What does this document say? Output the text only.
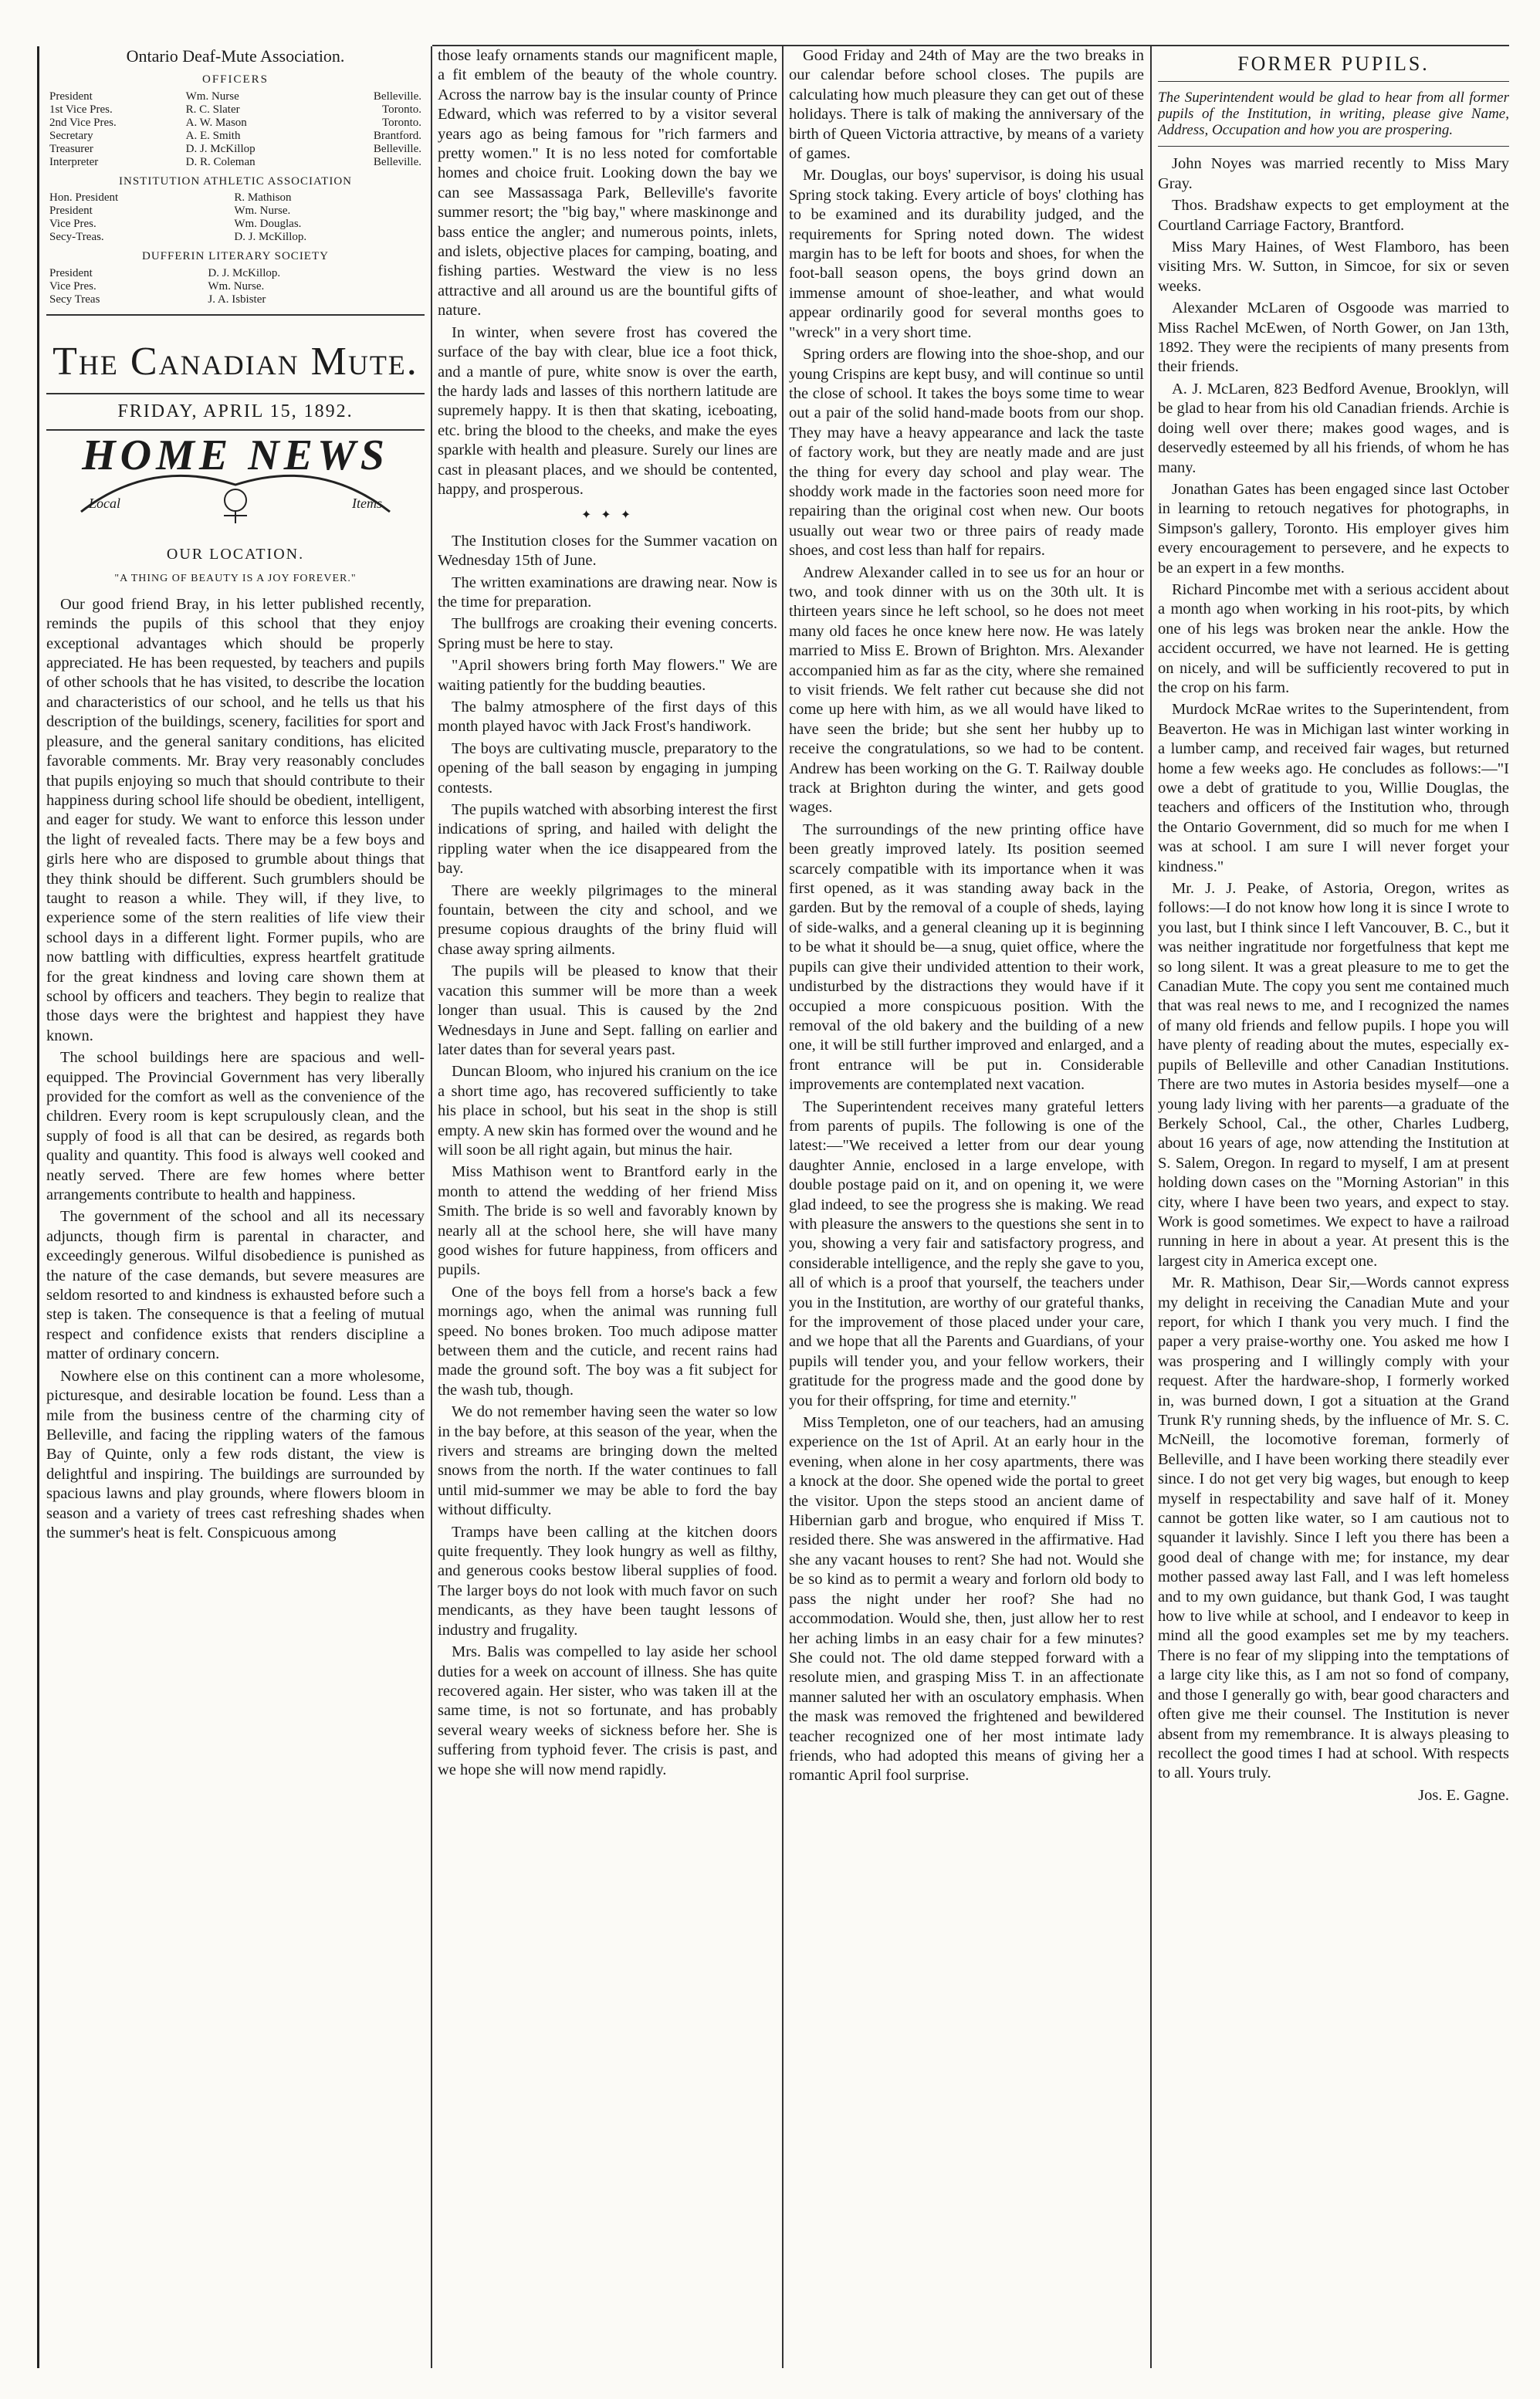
Ontario Deaf-Mute Association.
OFFICERS
President	Wm. Nurse	Belleville.
1st Vice Pres.	R. C. Slater	Toronto.
2nd Vice Pres.	A. W. Mason	Toronto.
Secretary	A. E. Smith	Brantford.
Treasurer	D. J. McKillop	Belleville.
Interpreter	D. R. Coleman	Belleville.
INSTITUTION ATHLETIC ASSOCIATION
Hon. President	R. Mathison
President	Wm. Nurse.
Vice Pres.	Wm. Douglas.
Secy-Treas.	D. J. McKillop.
DUFFERIN LITERARY SOCIETY
President	D. J. McKillop.
Vice Pres.	Wm. Nurse.
Secy Treas	J. A. Isbister
The Canadian Mute.
FRIDAY, APRIL 15, 1892.
HOME NEWS
Local	Items
OUR LOCATION.
"A THING OF BEAUTY IS A JOY FOREVER."

Our good friend Bray, in his letter published recently, reminds the pupils of this school that they enjoy exceptional advantages which should be properly appreciated. He has been requested, by teachers and pupils of other schools that he has visited, to describe the location and characteristics of our school, and he tells us that his description of the buildings, scenery, facilities for sport and pleasure, and the general sanitary conditions, has elicited favorable comments. Mr. Bray very reasonably concludes that pupils enjoying so much that should contribute to their happiness during school life should be obedient, intelligent, and eager for study. We want to enforce this lesson under the light of revealed facts. There may be a few boys and girls here who are disposed to grumble about things that they think should be different. Such grumblers should be taught to reason a while. They will, if they live, to experience some of the stern realities of life view their school days in a different light. Former pupils, who are now battling with difficulties, express heartfelt gratitude for the great kindness and loving care shown them at school by officers and teachers. They begin to realize that those days were the brightest and happiest they have known.

The school buildings here are spacious and well-equipped. The Provincial Government has very liberally provided for the comfort as well as the convenience of the children. Every room is kept scrupulously clean, and the supply of food is all that can be desired, as regards both quality and quantity. This food is always well cooked and neatly served. There are few homes where better arrangements contribute to health and happiness.

The government of the school and all its necessary adjuncts, though firm is parental in character, and exceedingly generous. Wilful disobedience is punished as the nature of the case demands, but severe measures are seldom resorted to and kindness is exhausted before such a step is taken. The consequence is that a feeling of mutual respect and confidence exists that renders discipline a matter of ordinary concern.

Nowhere else on this continent can a more wholesome, picturesque, and desirable location be found. Less than a mile from the business centre of the charming city of Belleville, and facing the rippling waters of the famous Bay of Quinte, only a few rods distant, the view is delightful and inspiring. The buildings are surrounded by spacious lawns and play grounds, where flowers bloom in season and a variety of trees cast refreshing shades when the summer's heat is felt. Conspicuous among

those leafy ornaments stands our magnificent maple, a fit emblem of the beauty of the whole country. Across the narrow bay is the insular county of Prince Edward, which was referred to by a visitor several years ago as being famous for "rich farmers and pretty women." It is no less noted for comfortable homes and choice fruit. Looking down the bay we can see Massassaga Park, Belleville's favorite summer resort; the "big bay," where maskinonge and bass entice the angler; and numerous points, inlets, and islets, objective places for camping, boating, and fishing parties. Westward the view is no less attractive and all around us are the bountiful gifts of nature.

In winter, when severe frost has covered the surface of the bay with clear, blue ice a foot thick, and a mantle of pure, white snow is over the earth, the hardy lads and lasses of this northern latitude are supremely happy. It is then that skating, iceboating, etc. bring the blood to the cheeks, and make the eyes sparkle with health and pleasure. Surely our lines are cast in pleasant places, and we should be contented, happy, and prosperous.

✦ ✦ ✦

The Institution closes for the Summer vacation on Wednesday 15th of June.

The written examinations are drawing near. Now is the time for preparation.

The bullfrogs are croaking their evening concerts. Spring must be here to stay.

"April showers bring forth May flowers." We are waiting patiently for the budding beauties.

The balmy atmosphere of the first days of this month played havoc with Jack Frost's handiwork.

The boys are cultivating muscle, preparatory to the opening of the ball season by engaging in jumping contests.

The pupils watched with absorbing interest the first indications of spring, and hailed with delight the rippling water when the ice disappeared from the bay.

There are weekly pilgrimages to the mineral fountain, between the city and school, and we presume copious draughts of the briny fluid will chase away spring ailments.

The pupils will be pleased to know that their vacation this summer will be more than a week longer than usual. This is caused by the 2nd Wednesdays in June and Sept. falling on earlier and later dates than for several years past.

Duncan Bloom, who injured his cranium on the ice a short time ago, has recovered sufficiently to take his place in school, but his seat in the shop is still empty. A new skin has formed over the wound and he will soon be all right again, but minus the hair.

Miss Mathison went to Brantford early in the month to attend the wedding of her friend Miss Smith. The bride is so well and favorably known by nearly all at the school here, she will have many good wishes for future happiness, from officers and pupils.

One of the boys fell from a horse's back a few mornings ago, when the animal was running full speed. No bones broken. Too much adipose matter between them and the cuticle, and recent rains had made the ground soft. The boy was a fit subject for the wash tub, though.

We do not remember having seen the water so low in the bay before, at this season of the year, when the rivers and streams are bringing down the melted snows from the north. If the water continues to fall until mid-summer we may be able to ford the bay without difficulty.

Tramps have been calling at the kitchen doors quite frequently. They look hungry as well as filthy, and generous cooks bestow liberal supplies of food. The larger boys do not look with much favor on such mendicants, as they have been taught lessons of industry and frugality.

Mrs. Balis was compelled to lay aside her school duties for a week on account of illness. She has quite recovered again. Her sister, who was taken ill at the same time, is not so fortunate, and has probably several weary weeks of sickness before her. She is suffering from typhoid fever. The crisis is past, and we hope she will now mend rapidly.

Good Friday and 24th of May are the two breaks in our calendar before school closes. The pupils are calculating how much pleasure they can get out of these holidays. There is talk of making the anniversary of the birth of Queen Victoria attractive, by means of a variety of games.

Mr. Douglas, our boys' supervisor, is doing his usual Spring stock taking. Every article of boys' clothing has to be examined and its durability judged, and the requirements for Spring noted down. The widest margin has to be left for boots and shoes, for when the foot-ball season opens, the boys grind down an immense amount of shoe-leather, and what would appear ordinarily good for several months goes to "wreck" in a very short time.

Spring orders are flowing into the shoe-shop, and our young Crispins are kept busy, and will continue so until the close of school. It takes the boys some time to wear out a pair of the solid hand-made boots from our shop. They may have a heavy appearance and lack the taste of factory work, but they are neatly made and are just the thing for every day school and play wear. The shoddy work made in the factories soon need more for repairing than the original cost when new. Our boots usually out wear two or three pairs of ready made shoes, and cost less than half for repairs.

Andrew Alexander called in to see us for an hour or two, and took dinner with us on the 30th ult. It is thirteen years since he left school, so he does not meet many old faces he once knew here now. He was lately married to Miss E. Brown of Brighton. Mrs. Alexander accompanied him as far as the city, where she remained to visit friends. We felt rather cut because she did not come up here with him, as we all would have liked to have seen the bride; but she sent her hubby up to receive the congratulations, so we had to be content. Andrew has been working on the G. T. Railway double track at Brighton during the winter, and gets good wages.

The surroundings of the new printing office have been greatly improved lately. Its position seemed scarcely compatible with its importance when it was first opened, as it was standing away back in the garden. But by the removal of a couple of sheds, laying of side-walks, and a general cleaning up it is beginning to be what it should be—a snug, quiet office, where the pupils can give their undivided attention to their work, undisturbed by the distractions they would have if it occupied a more conspicuous position. With the removal of the old bakery and the building of a new one, it will be still further improved and enlarged, and a front entrance will be put in. Considerable improvements are contemplated next vacation.

The Superintendent receives many grateful letters from parents of pupils. The following is one of the latest:—"We received a letter from our dear young daughter Annie, enclosed in a large envelope, with double postage paid on it, and on opening it, we were glad indeed, to see the progress she is making. We read with pleasure the answers to the questions she sent in to you, showing a very fair and satisfactory progress, and considerable intelligence, and the reply she gave to you, all of which is a proof that yourself, the teachers under you in the Institution, are worthy of our grateful thanks, for the improvement of those placed under your care, and we hope that all the Parents and Guardians, of your pupils will tender you, and your fellow workers, their gratitude for the progress made and the good done by you for their offspring, for time and eternity."

Miss Templeton, one of our teachers, had an amusing experience on the 1st of April. At an early hour in the evening, when alone in her cosy apartments, there was a knock at the door. She opened wide the portal to greet the visitor. Upon the steps stood an ancient dame of Hibernian garb and brogue, who enquired if Miss T. resided there. She was answered in the affirmative. Had she any vacant houses to rent? She had not. Would she be so kind as to permit a weary and forlorn old body to pass the night under her roof? She had no accommodation. Would she, then, just allow her to rest her aching limbs in an easy chair for a few minutes? She could not. The old dame stepped forward with a resolute mien, and grasping Miss T. in an affectionate manner saluted her with an osculatory emphasis. When the mask was removed the frightened and bewildered teacher recognized one of her most intimate lady friends, who had adopted this means of giving her a romantic April fool surprise.

FORMER PUPILS.
The Superintendent would be glad to hear from all former pupils of the Institution, in writing, please give Name, Address, Occupation and how you are prospering.

John Noyes was married recently to Miss Mary Gray.

Thos. Bradshaw expects to get employment at the Courtland Carriage Factory, Brantford.

Miss Mary Haines, of West Flamboro, has been visiting Mrs. W. Sutton, in Simcoe, for six or seven weeks.

Alexander McLaren of Osgoode was married to Miss Rachel McEwen, of North Gower, on Jan 13th, 1892. They were the recipients of many presents from their friends.

A. J. McLaren, 823 Bedford Avenue, Brooklyn, will be glad to hear from his old Canadian friends. Archie is doing well over there; makes good wages, and is deservedly esteemed by all his friends, of whom he has many.

Jonathan Gates has been engaged since last October in learning to retouch negatives for photographs, in Simpson's gallery, Toronto. His employer gives him every encouragement to persevere, and he expects to be an expert in a few months.

Richard Pincombe met with a serious accident about a month ago when working in his root-pits, by which one of his legs was broken near the ankle. How the accident occurred, we have not learned. He is getting on nicely, and will be sufficiently recovered to put in the crop on his farm.

Murdock McRae writes to the Superintendent, from Beaverton. He was in Michigan last winter working in a lumber camp, and received fair wages, but returned home a few weeks ago. He concludes as follows:—"I owe a debt of gratitude to you, Willie Douglas, the teachers and officers of the Institution who, through the Ontario Government, did so much for me when I was at school. I am sure I will never forget your kindness."

Mr. J. J. Peake, of Astoria, Oregon, writes as follows:—I do not know how long it is since I wrote to you last, but I think since I left Vancouver, B. C., but it was neither ingratitude nor forgetfulness that kept me so long silent. It was a great pleasure to me to get the Canadian Mute. The copy you sent me contained much that was real news to me, and I recognized the names of many old friends and fellow pupils. I hope you will have plenty of reading about the mutes, especially ex-pupils of Belleville and other Canadian Institutions. There are two mutes in Astoria besides myself—one a young lady living with her parents—a graduate of the Berkely School, Cal., the other, Charles Ludberg, about 16 years of age, now attending the Institution at S. Salem, Oregon. In regard to myself, I am at present holding down cases on the "Morning Astorian" in this city, where I have been two years, and expect to stay. Work is good sometimes. We expect to have a railroad running in here in about a year. At present this is the largest city in America except one.

Mr. R. Mathison, Dear Sir,—Words cannot express my delight in receiving the Canadian Mute and your report, for which I thank you very much. I find the paper a very praise-worthy one. You asked me how I was prospering and I willingly comply with your request. After the hardware-shop, I formerly worked in, was burned down, I got a situation at the Grand Trunk R'y running sheds, by the influence of Mr. S. C. McNeill, the locomotive foreman, formerly of Belleville, and I have been working there steadily ever since. I do not get very big wages, but enough to keep myself in respectability and save half of it. Money cannot be gotten like water, so I am cautious not to squander it lavishly. Since I left you there has been a good deal of change with me; for instance, my dear mother passed away last Fall, and I was left homeless and to my own guidance, but thank God, I was taught how to live while at school, and I endeavor to keep in mind all the good examples set me by my teachers. There is no fear of my slipping into the temptations of a large city like this, as I am not so fond of company, and those I generally go with, bear good characters and often give me their counsel. The Institution is never absent from my remembrance. It is always pleasing to recollect the good times I had at school. With respects to all. Yours truly.

Jos. E. Gagne.
